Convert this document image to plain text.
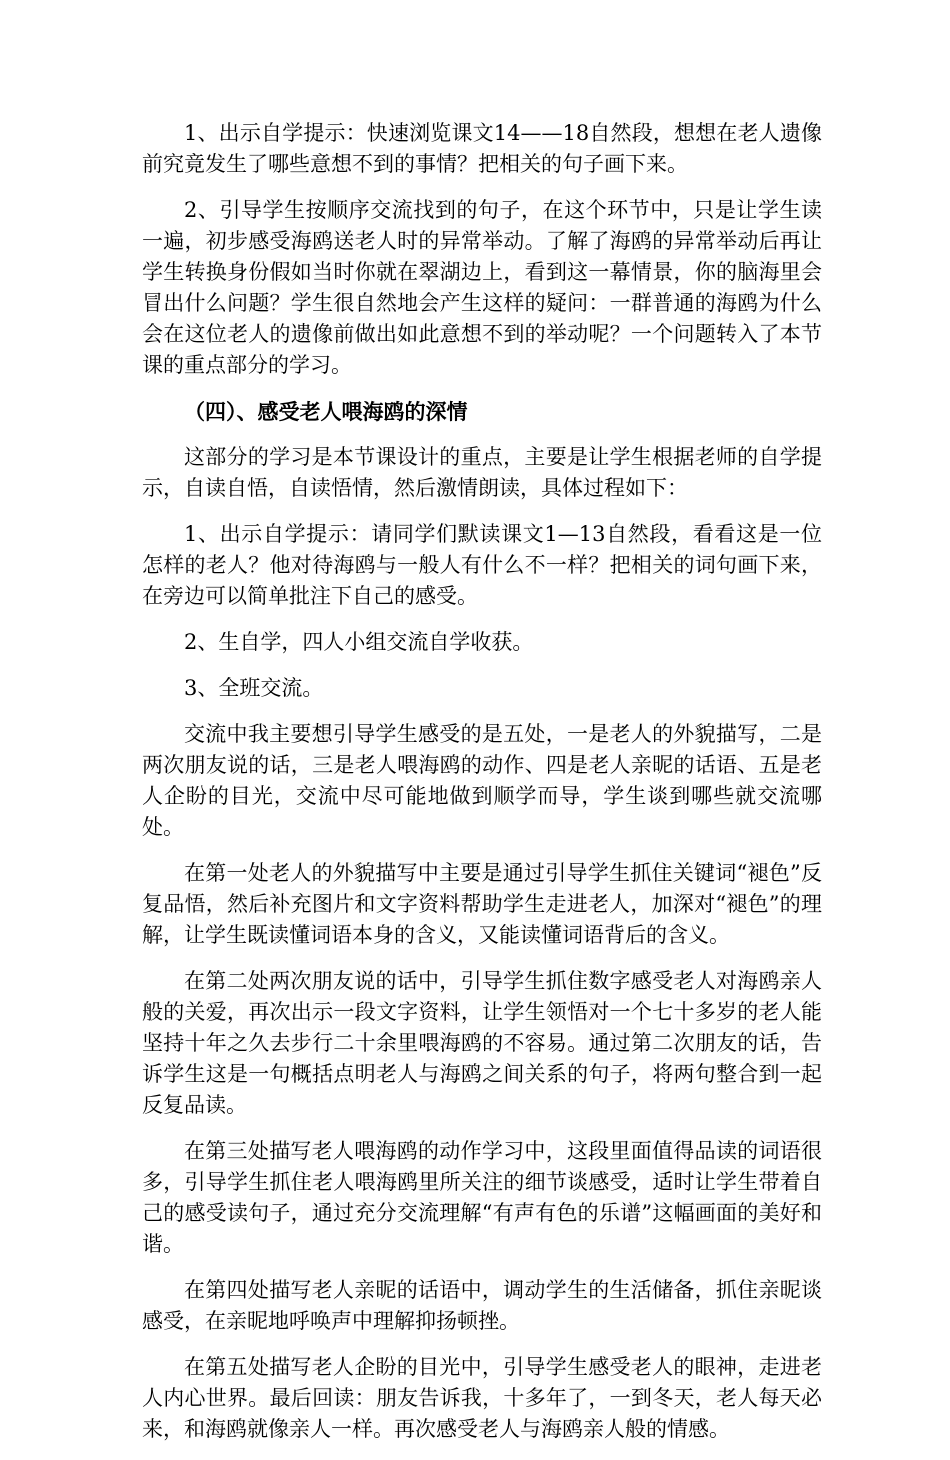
1、出示自学提示：快速浏览课文14——18自然段，想想在老人遗像前究竟发生了哪些意想不到的事情？把相关的句子画下来。

2、引导学生按顺序交流找到的句子，在这个环节中，只是让学生读一遍，初步感受海鸥送老人时的异常举动。了解了海鸥的异常举动后再让学生转换身份假如当时你就在翠湖边上，看到这一幕情景，你的脑海里会冒出什么问题？学生很自然地会产生这样的疑问：一群普通的海鸥为什么会在这位老人的遗像前做出如此意想不到的举动呢？一个问题转入了本节课的重点部分的学习。

（四）、感受老人喂海鸥的深情

这部分的学习是本节课设计的重点，主要是让学生根据老师的自学提示，自读自悟，自读悟情，然后激情朗读，具体过程如下：

1、出示自学提示：请同学们默读课文1—13自然段，看看这是一位怎样的老人？他对待海鸥与一般人有什么不一样？把相关的词句画下来，在旁边可以简单批注下自己的感受。

2、生自学，四人小组交流自学收获。

3、全班交流。

交流中我主要想引导学生感受的是五处，一是老人的外貌描写，二是两次朋友说的话，三是老人喂海鸥的动作、四是老人亲昵的话语、五是老人企盼的目光，交流中尽可能地做到顺学而导，学生谈到哪些就交流哪处。

在第一处老人的外貌描写中主要是通过引导学生抓住关键词“褪色”反复品悟，然后补充图片和文字资料帮助学生走进老人，加深对“褪色”的理解，让学生既读懂词语本身的含义，又能读懂词语背后的含义。

在第二处两次朋友说的话中，引导学生抓住数字感受老人对海鸥亲人般的关爱，再次出示一段文字资料，让学生领悟对一个七十多岁的老人能坚持十年之久去步行二十余里喂海鸥的不容易。通过第二次朋友的话，告诉学生这是一句概括点明老人与海鸥之间关系的句子，将两句整合到一起反复品读。

在第三处描写老人喂海鸥的动作学习中，这段里面值得品读的词语很多，引导学生抓住老人喂海鸥里所关注的细节谈感受，适时让学生带着自己的感受读句子，通过充分交流理解“有声有色的乐谱”这幅画面的美好和谐。

在第四处描写老人亲昵的话语中，调动学生的生活储备，抓住亲昵谈感受，在亲昵地呼唤声中理解抑扬顿挫。

在第五处描写老人企盼的目光中，引导学生感受老人的眼神，走进老人内心世界。最后回读：朋友告诉我，十多年了，一到冬天，老人每天必来，和海鸥就像亲人一样。再次感受老人与海鸥亲人般的情感。
